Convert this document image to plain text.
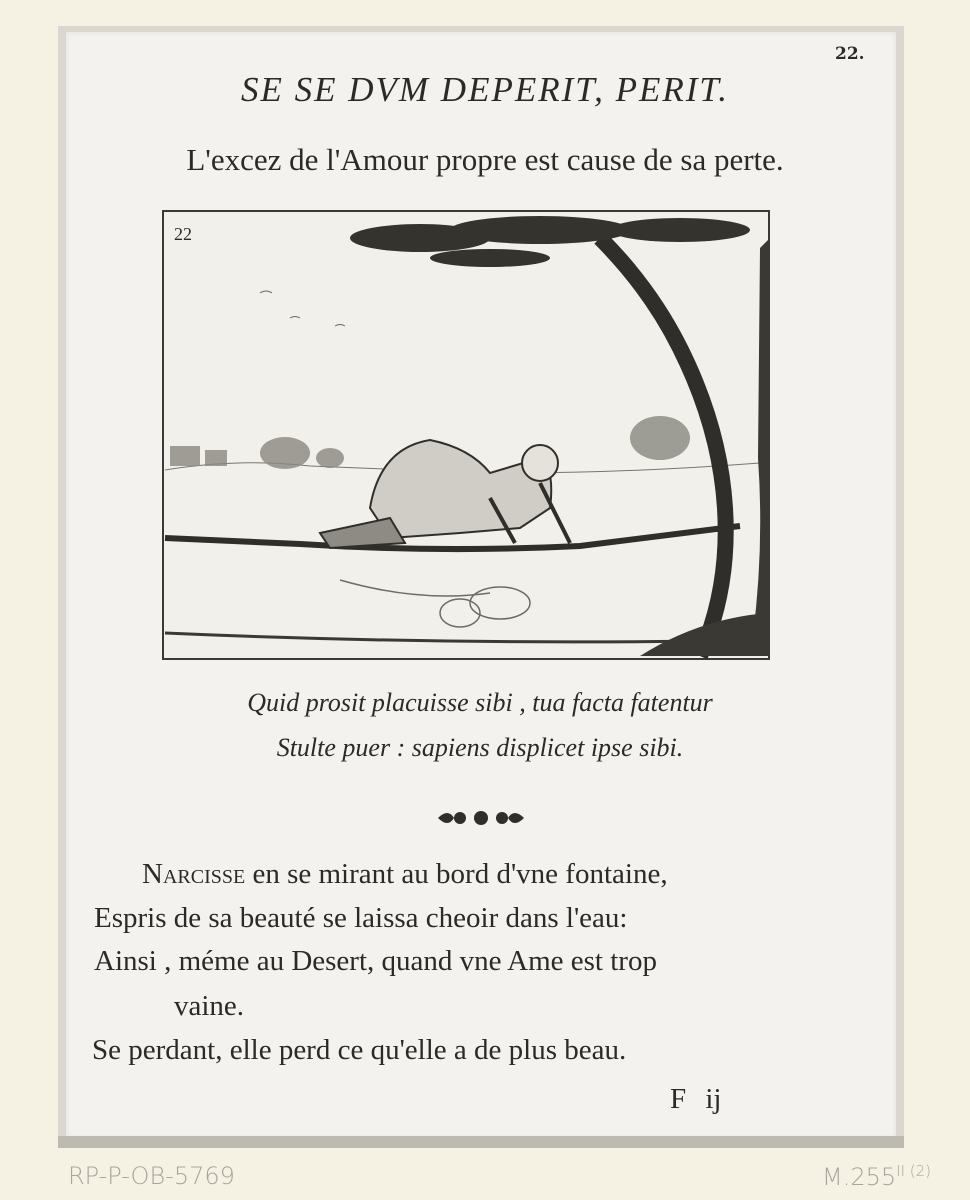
22.
SE SE DVM DEPERIT, PERIT.
L'excez de l'Amour propre est cause de sa perte.
22
Quid prosit placuisse sibi , tua facta fatentur
Stulte puer : sapiens displicet ipse sibi.
Narcisse en se mirant au bord d'vne fontaine,
Espris de sa beauté se laissa cheoir dans l'eau:
Ainsi , méme au Desert, quand vne Ame est trop
vaine.
Se perdant, elle perd ce qu'elle a de plus beau.
F ij
RP-P-OB-5769	$M.255^{II (2)}$
